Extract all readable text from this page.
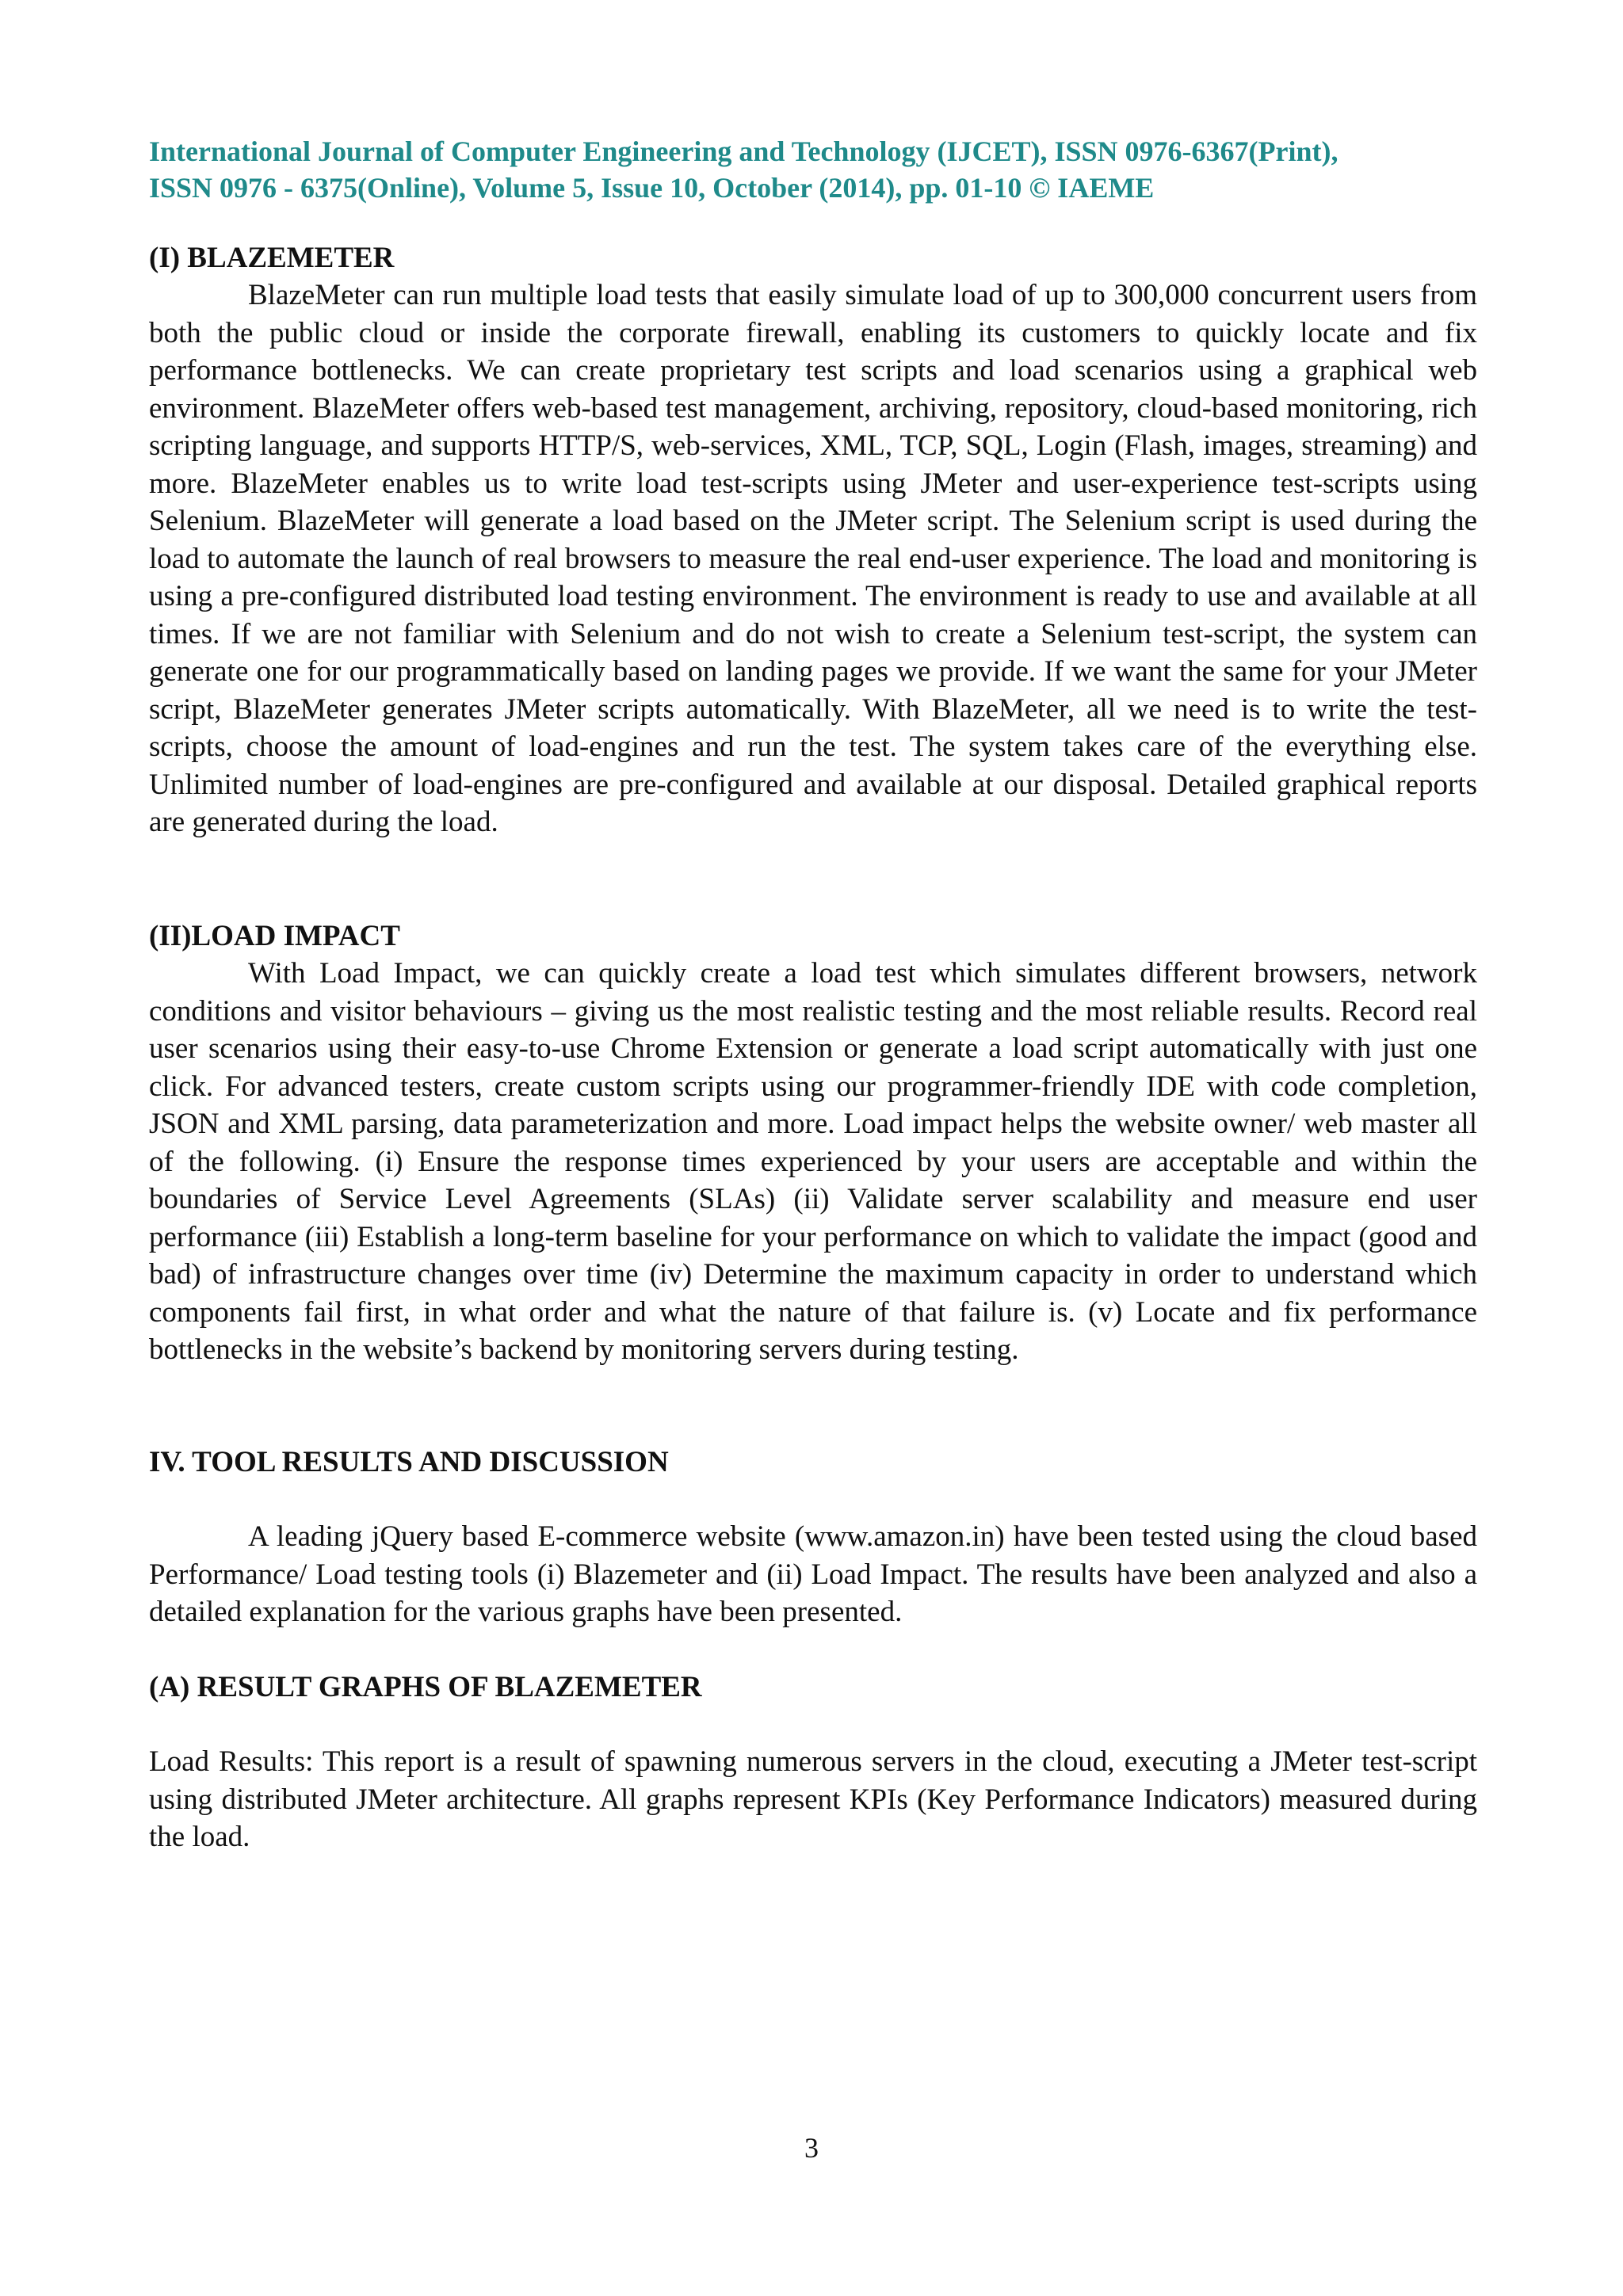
International Journal of Computer Engineering and Technology (IJCET), ISSN 0976-6367(Print),
ISSN 0976 - 6375(Online), Volume 5, Issue 10, October (2014), pp. 01-10 © IAEME

(I) BLAZEMETER

BlazeMeter can run multiple load tests that easily simulate load of up to 300,000 concurrent users from both the public cloud or inside the corporate firewall, enabling its customers to quickly locate and fix performance bottlenecks. We can create proprietary test scripts and load scenarios using a graphical web environment. BlazeMeter offers web-based test management, archiving, repository, cloud-based monitoring, rich scripting language, and supports HTTP/S, web-services, XML, TCP, SQL, Login (Flash, images, streaming) and more. BlazeMeter enables us to write load test-scripts using JMeter and user-experience test-scripts using Selenium. BlazeMeter will generate a load based on the JMeter script. The Selenium script is used during the load to automate the launch of real browsers to measure the real end-user experience. The load and monitoring is using a pre-configured distributed load testing environment. The environment is ready to use and available at all times. If we are not familiar with Selenium and do not wish to create a Selenium test-script, the system can generate one for our programmatically based on landing pages we provide. If we want the same for your JMeter script, BlazeMeter generates JMeter scripts automatically. With BlazeMeter, all we need is to write the test-scripts, choose the amount of load-engines and run the test. The system takes care of the everything else. Unlimited number of load-engines are pre-configured and available at our disposal. Detailed graphical reports are generated during the load.

(II)LOAD IMPACT

With Load Impact, we can quickly create a load test which simulates different browsers, network conditions and visitor behaviours – giving us the most realistic testing and the most reliable results. Record real user scenarios using their easy-to-use Chrome Extension or generate a load script automatically with just one click. For advanced testers, create custom scripts using our programmer-friendly IDE with code completion, JSON and XML parsing, data parameterization and more. Load impact helps the website owner/ web master all of the following. (i) Ensure the response times experienced by your users are acceptable and within the boundaries of Service Level Agreements (SLAs) (ii) Validate server scalability and measure end user performance (iii) Establish a long-term baseline for your performance on which to validate the impact (good and bad) of infrastructure changes over time (iv) Determine the maximum capacity in order to understand which components fail first, in what order and what the nature of that failure is. (v) Locate and fix performance bottlenecks in the website’s backend by monitoring servers during testing.

IV. TOOL RESULTS AND DISCUSSION

A leading jQuery based E-commerce website (www.amazon.in) have been tested using the cloud based Performance/ Load testing tools (i) Blazemeter and (ii) Load Impact. The results have been analyzed and also a detailed explanation for the various graphs have been presented.

(A) RESULT GRAPHS OF BLAZEMETER

Load Results: This report is a result of spawning numerous servers in the cloud, executing a JMeter test-script using distributed JMeter architecture. All graphs represent KPIs (Key Performance Indicators) measured during the load.

3
